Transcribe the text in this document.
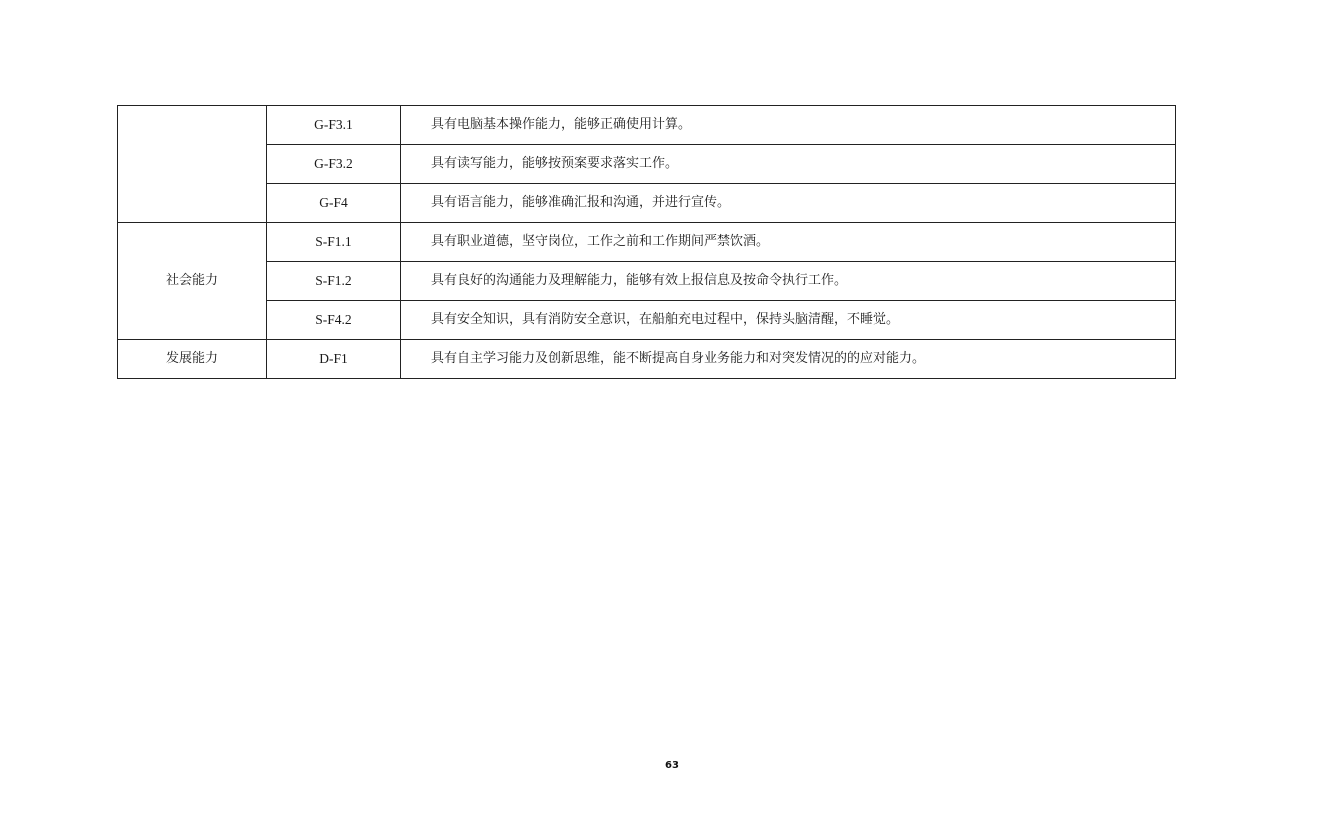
	G-F3.1	具有电脑基本操作能力，能够正确使用计算。
	G-F3.2	具有读写能力，能够按预案要求落实工作。
	G-F4	具有语言能力，能够准确汇报和沟通，并进行宣传。
社会能力	S-F1.1	具有职业道德，坚守岗位，工作之前和工作期间严禁饮酒。
	S-F1.2	具有良好的沟通能力及理解能力，能够有效上报信息及按命令执行工作。
	S-F4.2	具有安全知识，具有消防安全意识，在船舶充电过程中，保持头脑清醒，不睡觉。
发展能力	D-F1	具有自主学习能力及创新思维，能不断提高自身业务能力和对突发情况的的应对能力。
63
